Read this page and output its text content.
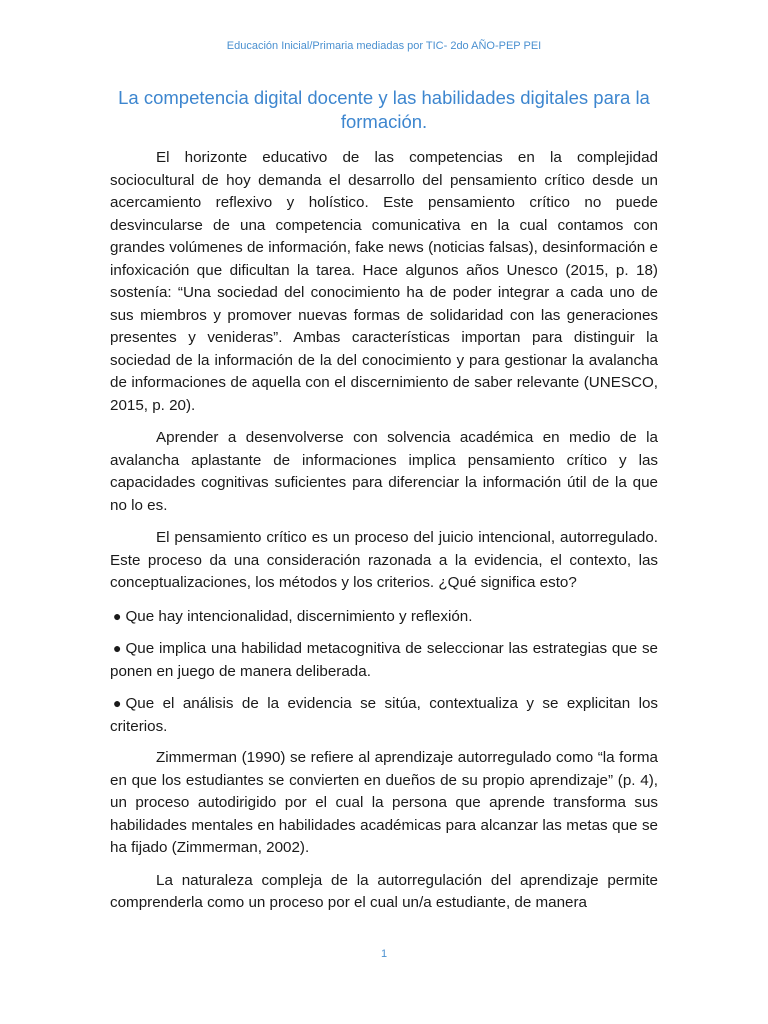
Educación Inicial/Primaria mediadas por TIC- 2do AÑO-PEP PEI
La competencia digital docente y las habilidades digitales para la formación.

El horizonte educativo de las competencias en la complejidad sociocultural de hoy demanda el desarrollo del pensamiento crítico desde un acercamiento reflexivo y holístico. Este pensamiento crítico no puede desvincularse de una competencia comunicativa en la cual contamos con grandes volúmenes de información, fake news (noticias falsas), desinformación e infoxicación que dificultan la tarea. Hace algunos años Unesco (2015, p. 18) sostenía: “Una sociedad del conocimiento ha de poder integrar a cada uno de sus miembros y promover nuevas formas de solidaridad con las generaciones presentes y venideras”. Ambas características importan para distinguir la sociedad de la información de la del conocimiento y para gestionar la avalancha de informaciones de aquella con el discernimiento de saber relevante (UNESCO, 2015, p. 20).

Aprender a desenvolverse con solvencia académica en medio de la avalancha aplastante de informaciones implica pensamiento crítico y las capacidades cognitivas suficientes para diferenciar la información útil de la que no lo es.

El pensamiento crítico es un proceso del juicio intencional, autorregulado. Este proceso da una consideración razonada a la evidencia, el contexto, las conceptualizaciones, los métodos y los criterios. ¿Qué significa esto?

● Que hay intencionalidad, discernimiento y reflexión.

● Que implica una habilidad metacognitiva de seleccionar las estrategias que se ponen en juego de manera deliberada.

● Que el análisis de la evidencia se sitúa, contextualiza y se explicitan los criterios.

Zimmerman (1990) se refiere al aprendizaje autorregulado como “la forma en que los estudiantes se convierten en dueños de su propio aprendizaje” (p. 4), un proceso autodirigido por el cual la persona que aprende transforma sus habilidades mentales en habilidades académicas para alcanzar las metas que se ha fijado (Zimmerman, 2002).

La naturaleza compleja de la autorregulación del aprendizaje permite comprenderla como un proceso por el cual un/a estudiante, de manera

1
